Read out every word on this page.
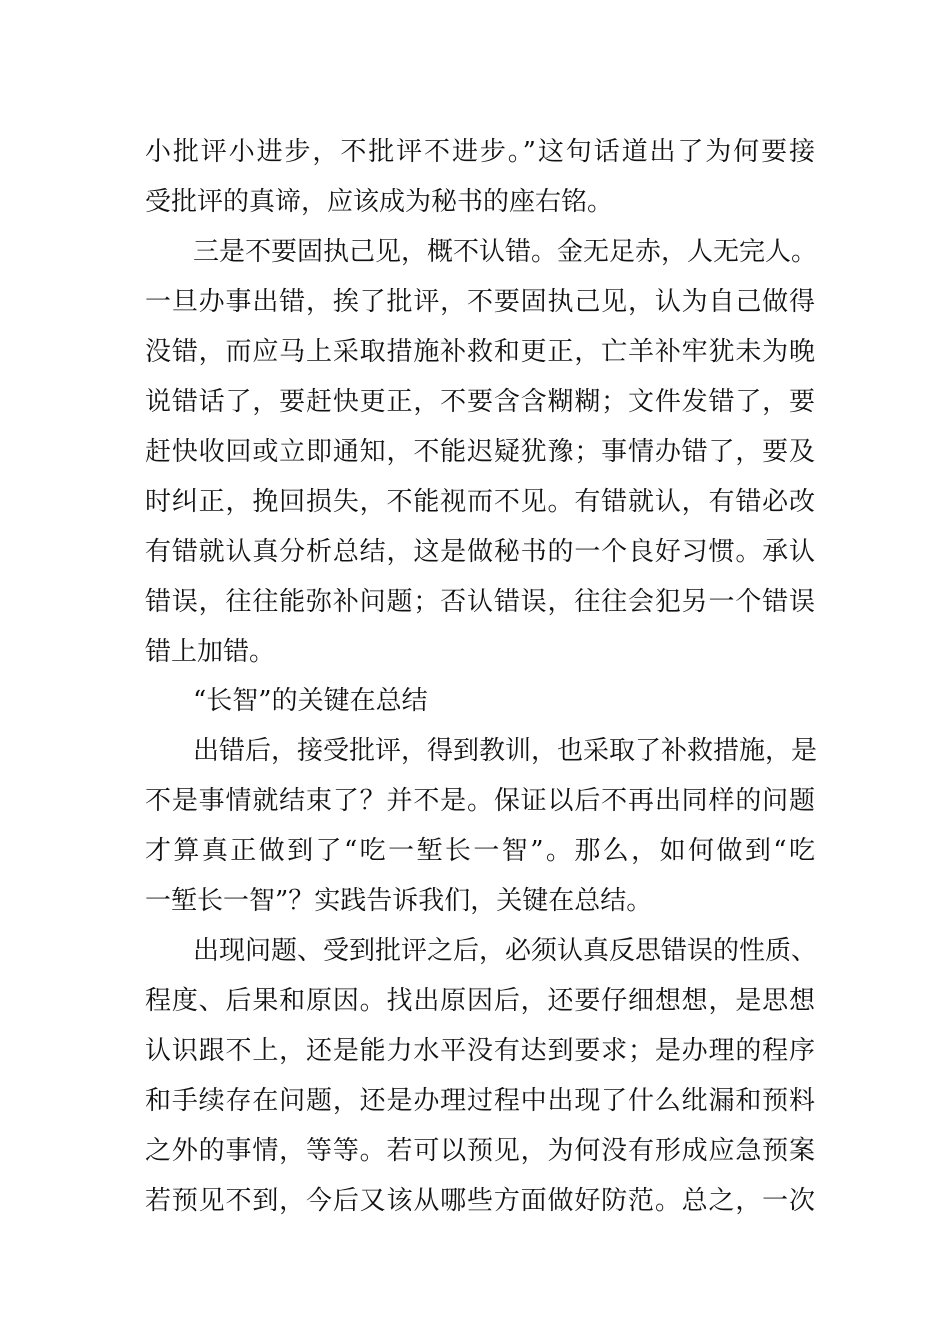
小批评小进步，不批评不进步。”这句话道出了为何要接
受批评的真谛，应该成为秘书的座右铭。
三是不要固执己见，概不认错。金无足赤，人无完人。
一旦办事出错，挨了批评，不要固执己见，认为自己做得
没错，而应马上采取措施补救和更正，亡羊补牢犹未为晚
说错话了，要赶快更正，不要含含糊糊；文件发错了，要
赶快收回或立即通知，不能迟疑犹豫；事情办错了，要及
时纠正，挽回损失，不能视而不见。有错就认，有错必改
有错就认真分析总结，这是做秘书的一个良好习惯。承认
错误，往往能弥补问题；否认错误，往往会犯另一个错误
错上加错。
“长智”的关键在总结
出错后，接受批评，得到教训，也采取了补救措施，是
不是事情就结束了？并不是。保证以后不再出同样的问题
才算真正做到了“吃一堑长一智”。那么，如何做到“吃
一堑长一智”？实践告诉我们，关键在总结。
出现问题、受到批评之后，必须认真反思错误的性质、
程度、后果和原因。找出原因后，还要仔细想想，是思想
认识跟不上，还是能力水平没有达到要求；是办理的程序
和手续存在问题，还是办理过程中出现了什么纰漏和预料
之外的事情，等等。若可以预见，为何没有形成应急预案
若预见不到，今后又该从哪些方面做好防范。总之，一次
